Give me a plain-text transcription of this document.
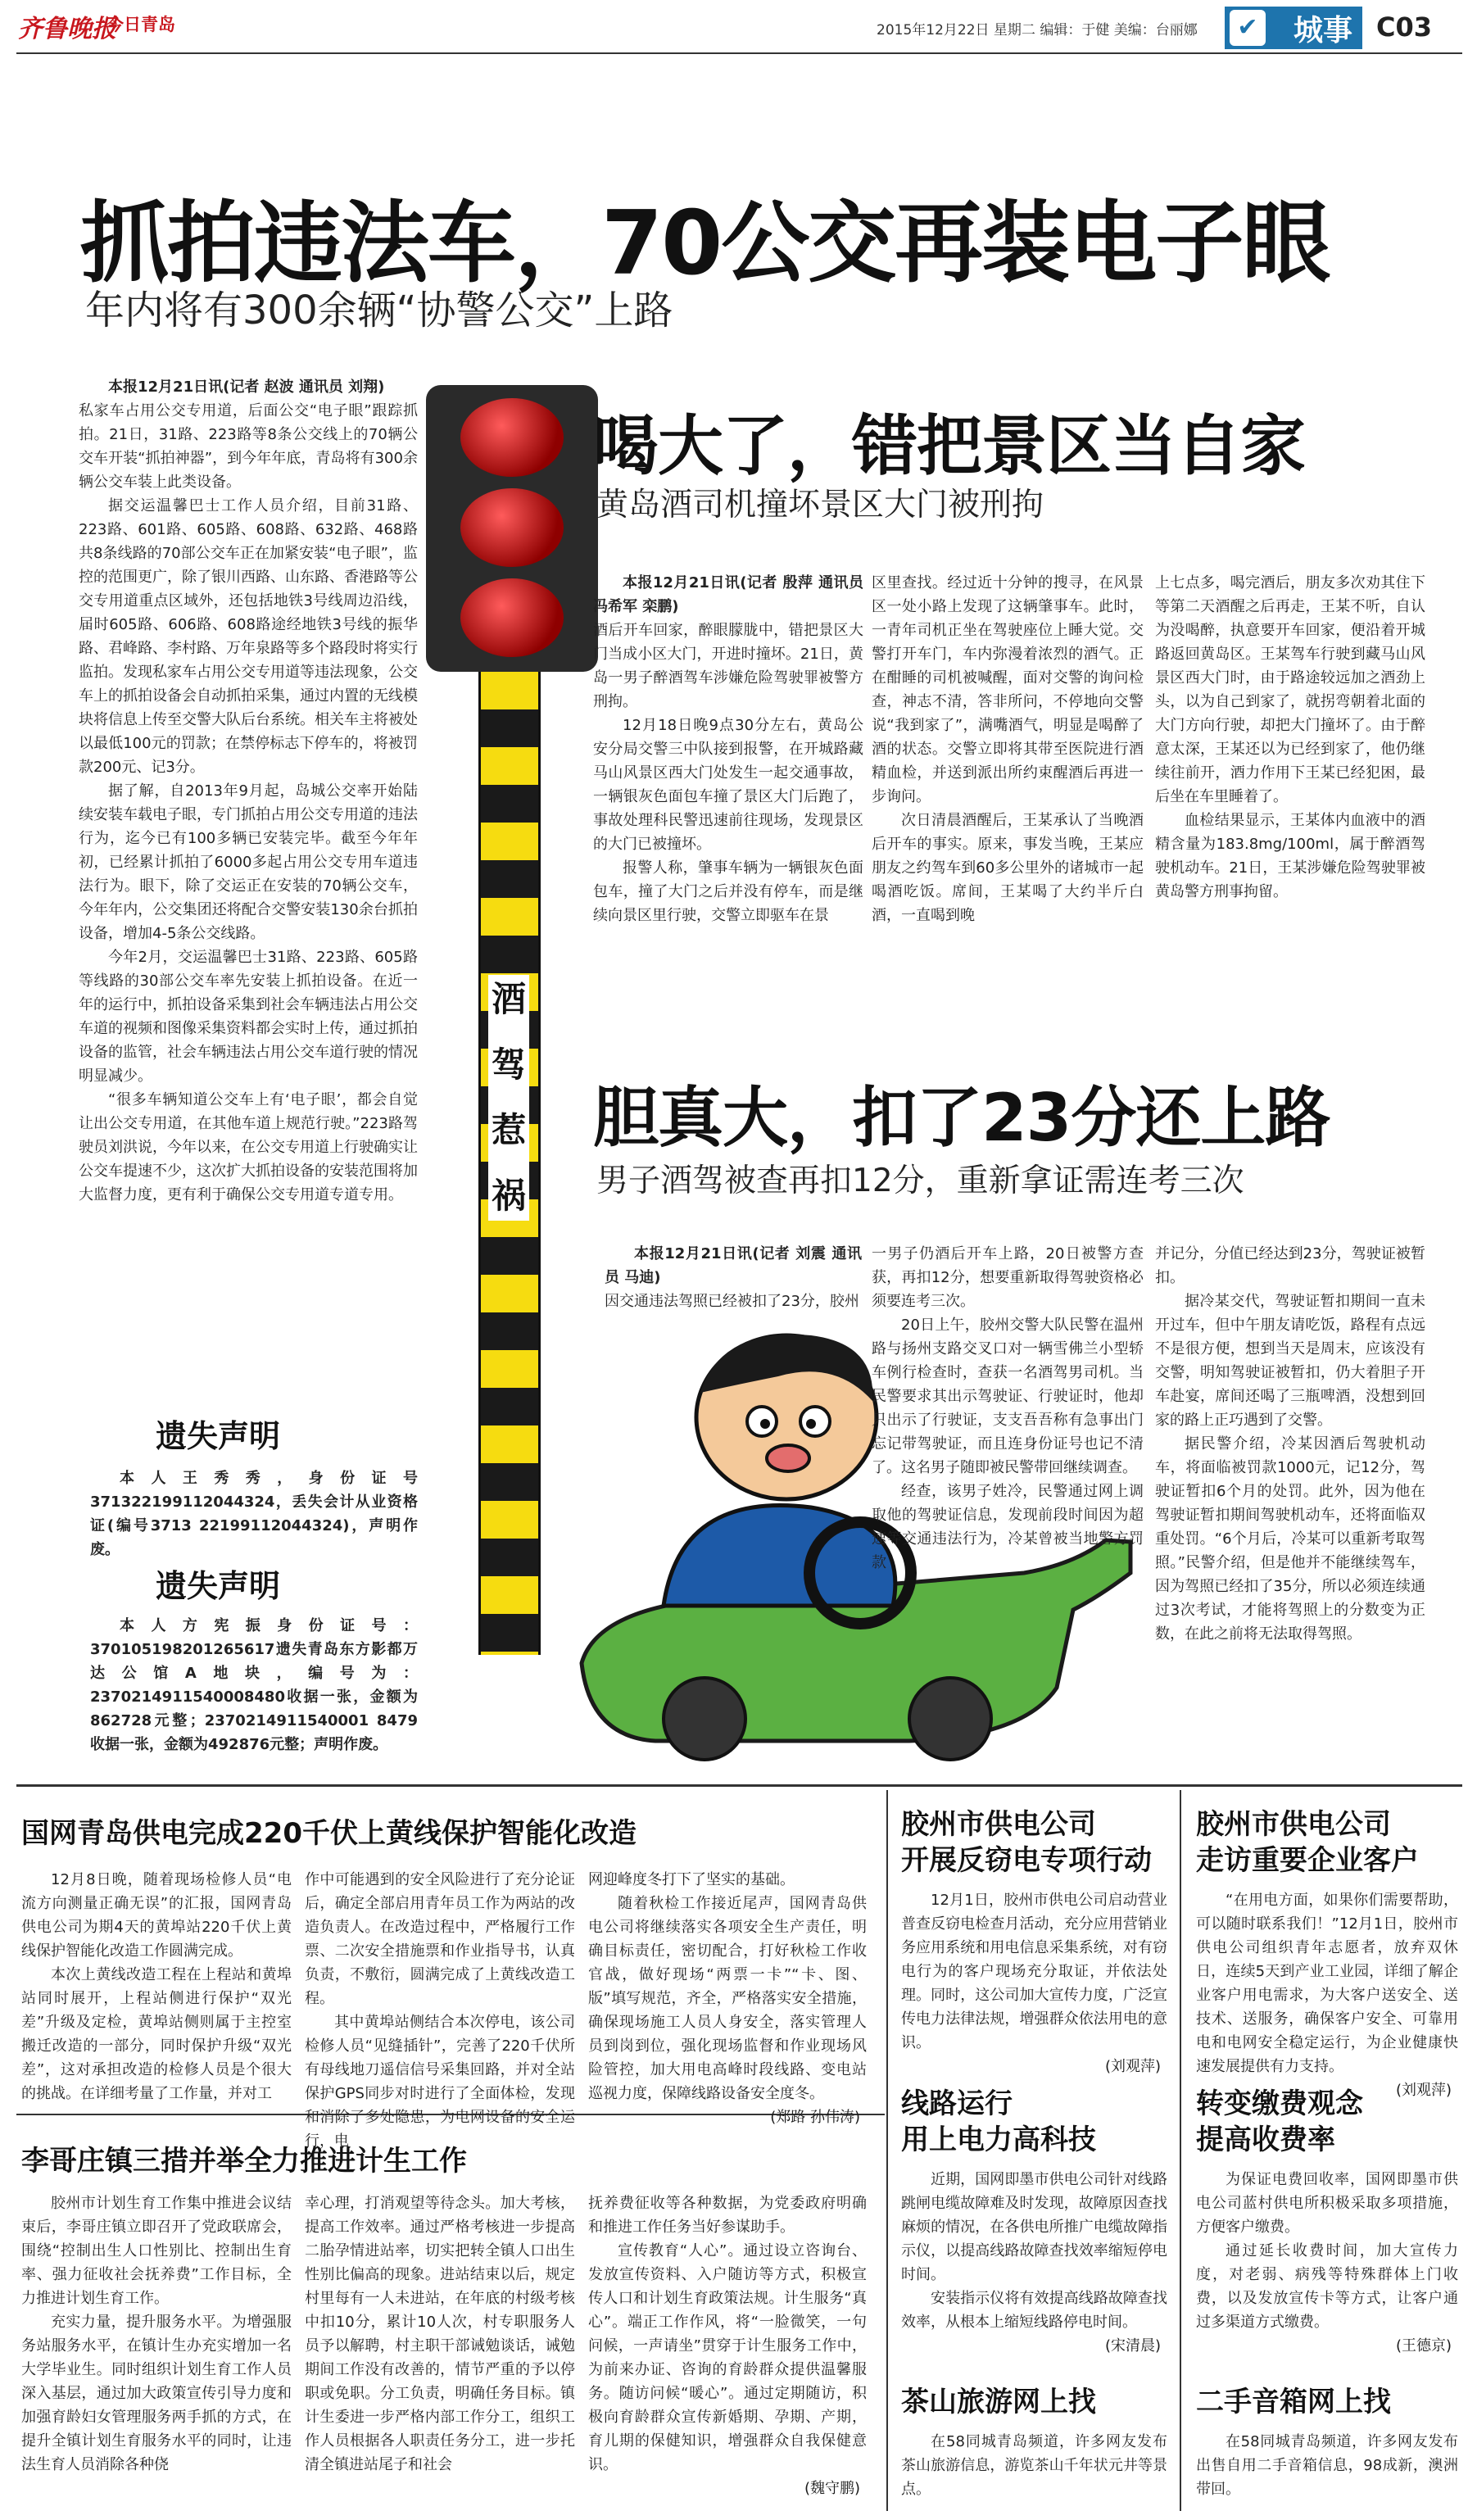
齐鲁晚报
今日青岛	2015年12月22日 星期二 编辑：于健 美编：台丽娜	✔ 城事 C03
抓拍违法车，70公交再装电子眼
年内将有300余辆“协警公交”上路

本报12月21日讯(记者 赵波 通讯员 刘翔)

私家车占用公交专用道，后面公交“电子眼”跟踪抓拍。21日，31路、223路等8条公交线上的70辆公交车开装“抓拍神器”，到今年年底，青岛将有300余辆公交车装上此类设备。

据交运温馨巴士工作人员介绍，目前31路、223路、601路、605路、608路、632路、468路共8条线路的70部公交车正在加紧安装“电子眼”，监控的范围更广，除了银川西路、山东路、香港路等公交专用道重点区域外，还包括地铁3号线周边沿线，届时605路、606路、608路途经地铁3号线的振华路、君峰路、李村路、万年泉路等多个路段时将实行监拍。发现私家车占用公交专用道等违法现象，公交车上的抓拍设备会自动抓拍采集，通过内置的无线模块将信息上传至交警大队后台系统。相关车主将被处以最低100元的罚款；在禁停标志下停车的，将被罚款200元、记3分。

据了解，自2013年9月起，岛城公交率开始陆续安装车载电子眼，专门抓拍占用公交专用道的违法行为，迄今已有100多辆已安装完毕。截至今年年初，已经累计抓拍了6000多起占用公交专用车道违法行为。眼下，除了交运正在安装的70辆公交车，今年年内，公交集团还将配合交警安装130余台抓拍设备，增加4-5条公交线路。

今年2月，交运温馨巴士31路、223路、605路等线路的30部公交车率先安装上抓拍设备。在近一年的运行中，抓拍设备采集到社会车辆违法占用公交车道的视频和图像采集资料都会实时上传，通过抓拍设备的监管，社会车辆违法占用公交车道行驶的情况明显减少。

“很多车辆知道公交车上有‘电子眼’，都会自觉让出公交专用道，在其他车道上规范行驶。”223路驾驶员刘洪说，今年以来，在公交专用道上行驶确实让公交车提速不少，这次扩大抓拍设备的安装范围将加大监督力度，更有利于确保公交专用道专道专用。

遗失声明

本人王秀秀，身份证号371322199112044324，丢失会计从业资格证(编号3713 22199112044324)，声明作废。

遗失声明

本人方宪振身份证号：370105198201265617遗失青岛东方影都万达公馆A地块，编号为：2370214911540008480收据一张，金额为862728元整；2370214911540001 8479收据一张，金额为492876元整；声明作废。

酒
驾
惹
祸
喝大了，错把景区当自家
黄岛酒司机撞坏景区大门被刑拘

本报12月21日讯(记者 殷萍 通讯员 冯希军 栾鹏)

酒后开车回家，醉眼朦胧中，错把景区大门当成小区大门，开进时撞坏。21日，黄岛一男子醉酒驾车涉嫌危险驾驶罪被警方刑拘。

12月18日晚9点30分左右，黄岛公安分局交警三中队接到报警，在开城路藏马山风景区西大门处发生一起交通事故，一辆银灰色面包车撞了景区大门后跑了，事故处理科民警迅速前往现场，发现景区的大门已被撞坏。

报警人称，肇事车辆为一辆银灰色面包车，撞了大门之后并没有停车，而是继续向景区里行驶，交警立即驱车在景

区里查找。经过近十分钟的搜寻，在风景区一处小路上发现了这辆肇事车。此时，一青年司机正坐在驾驶座位上睡大觉。交警打开车门，车内弥漫着浓烈的酒气。正在酣睡的司机被喊醒，面对交警的询问检查，神志不清，答非所问，不停地向交警说“我到家了”，满嘴酒气，明显是喝醉了酒的状态。交警立即将其带至医院进行酒精血检，并送到派出所约束醒酒后再进一步询问。

次日清晨酒醒后，王某承认了当晚酒后开车的事实。原来，事发当晚，王某应朋友之约驾车到60多公里外的诸城市一起喝酒吃饭。席间，王某喝了大约半斤白酒，一直喝到晚

上七点多，喝完酒后，朋友多次劝其住下等第二天酒醒之后再走，王某不听，自认为没喝醉，执意要开车回家，便沿着开城路返回黄岛区。王某驾车行驶到藏马山风景区西大门时，由于路途较远加之酒劲上头，以为自己到家了，就拐弯朝着北面的大门方向行驶，却把大门撞坏了。由于醉意太深，王某还以为已经到家了，他仍继续往前开，酒力作用下王某已经犯困，最后坐在车里睡着了。

血检结果显示，王某体内血液中的酒精含量为183.8mg/100ml，属于醉酒驾驶机动车。21日，王某涉嫌危险驾驶罪被黄岛警方刑事拘留。

胆真大，扣了23分还上路
男子酒驾被查再扣12分，重新拿证需连考三次

本报12月21日讯(记者 刘震 通讯员 马迪)

因交通违法驾照已经被扣了23分，胶州

一男子仍酒后开车上路，20日被警方查获，再扣12分，想要重新取得驾驶资格必须要连考三次。

20日上午，胶州交警大队民警在温州路与扬州支路交叉口对一辆雪佛兰小型轿车例行检查时，查获一名酒驾男司机。当民警要求其出示驾驶证、行驶证时，他却只出示了行驶证，支支吾吾称有急事出门忘记带驾驶证，而且连身份证号也记不清了。这名男子随即被民警带回继续调查。

经查，该男子姓冷，民警通过网上调取他的驾驶证信息，发现前段时间因为超速等交通违法行为，冷某曾被当地警方罚款

并记分，分值已经达到23分，驾驶证被暂扣。

据冷某交代，驾驶证暂扣期间一直未开过车，但中午朋友请吃饭，路程有点远不是很方便，想到当天是周末，应该没有交警，明知驾驶证被暂扣，仍大着胆子开车赴宴，席间还喝了三瓶啤酒，没想到回家的路上正巧遇到了交警。

据民警介绍，冷某因酒后驾驶机动车，将面临被罚款1000元，记12分，驾驶证暂扣6个月的处罚。此外，因为他在驾驶证暂扣期间驾驶机动车，还将面临双重处罚。“6个月后，冷某可以重新考取驾照。”民警介绍，但是他并不能继续驾车，因为驾照已经扣了35分，所以必须连续通过3次考试，才能将驾照上的分数变为正数，在此之前将无法取得驾照。

国网青岛供电完成220千伏上黄线保护智能化改造

12月8日晚，随着现场检修人员“电流方向测量正确无误”的汇报，国网青岛供电公司为期4天的黄埠站220千伏上黄线保护智能化改造工作圆满完成。

本次上黄线改造工程在上程站和黄埠站同时展开，上程站侧进行保护“双光差”升级及定检，黄埠站侧则属于主控室搬迁改造的一部分，同时保护升级“双光差”，这对承担改造的检修人员是个很大的挑战。在详细考量了工作量，并对工

作中可能遇到的安全风险进行了充分论证后，确定全部启用青年员工作为两站的改造负责人。在改造过程中，严格履行工作票、二次安全措施票和作业指导书，认真负责，不敷衍，圆满完成了上黄线改造工程。

其中黄埠站侧结合本次停电，该公司检修人员“见缝插针”，完善了220千伏所有母线地刀遥信信号采集回路，并对全站保护GPS同步对时进行了全面体检，发现和消除了多处隐患，为电网设备的安全运行，电

网迎峰度冬打下了坚实的基础。

随着秋检工作接近尾声，国网青岛供电公司将继续落实各项安全生产责任，明确目标责任，密切配合，打好秋检工作收官战，做好现场“两票一卡”“卡、图、版”填写规范，齐全，严格落实安全措施，确保现场施工人员人身安全，落实管理人员到岗到位，强化现场监督和作业现场风险管控，加大用电高峰时段线路、变电站巡视力度，保障线路设备安全度冬。

(郑路 孙伟涛)

李哥庄镇三措并举全力推进计生工作

胶州市计划生育工作集中推进会议结束后，李哥庄镇立即召开了党政联席会，围绕“控制出生人口性别比、控制出生育率、强力征收社会抚养费”工作目标，全力推进计划生育工作。

充实力量，提升服务水平。为增强服务站服务水平，在镇计生办充实增加一名大学毕业生。同时组织计划生育工作人员深入基层，通过加大政策宣传引导力度和加强育龄妇女管理服务两手抓的方式，在提升全镇计划生育服务水平的同时，让违法生育人员消除各种侥

幸心理，打消观望等待念头。加大考核，提高工作效率。通过严格考核进一步提高二胎孕情进站率，切实把转全镇人口出生性别比偏高的现象。进站结束以后，规定村里每有一人未进站，在年底的村级考核中扣10分，累计10人次，村专职服务人员予以解聘，村主职干部诫勉谈话，诫勉期间工作没有改善的，情节严重的予以停职或免职。分工负责，明确任务目标。镇计生委进一步严格内部工作分工，组织工作人员根据各人职责任务分工，进一步托清全镇进站尾子和社会

抚养费征收等各种数据，为党委政府明确和推进工作任务当好参谋助手。

宣传教育“人心”。通过设立咨询台、发放宣传资料、入户随访等方式，积极宣传人口和计划生育政策法规。计生服务“真心”。端正工作作风，将“一脸微笑，一句问候，一声请坐”贯穿于计生服务工作中，为前来办证、咨询的育龄群众提供温馨服务。随访问候“暖心”。通过定期随访，积极向育龄群众宣传新婚期、孕期、产期，育儿期的保健知识，增强群众自我保健意识。

(魏守鹏)

胶州市供电公司
开展反窃电专项行动

12月1日，胶州市供电公司启动营业普查反窃电检查月活动，充分应用营销业务应用系统和用电信息采集系统，对有窃电行为的客户现场充分取证，并依法处理。同时，这公司加大宣传力度，广泛宣传电力法律法规，增强群众依法用电的意识。

(刘观萍)

胶州市供电公司
走访重要企业客户

“在用电方面，如果你们需要帮助，可以随时联系我们！”12月1日，胶州市供电公司组织青年志愿者，放弃双休日，连续5天到产业工业园，详细了解企业客户用电需求，为大客户送安全、送技术、送服务，确保客户安全、可靠用电和电网安全稳定运行，为企业健康快速发展提供有力支持。

(刘观萍)

线路运行
用上电力高科技

近期，国网即墨市供电公司针对线路跳闸电缆故障难及时发现，故障原因查找麻烦的情况，在各供电所推广电缆故障指示仪，以提高线路故障查找效率缩短停电时间。

安装指示仪将有效提高线路故障查找效率，从根本上缩短线路停电时间。

(宋清晨)

转变缴费观念
提高收费率

为保证电费回收率，国网即墨市供电公司蓝村供电所积极采取多项措施，方便客户缴费。

通过延长收费时间，加大宣传力度，对老弱、病残等特殊群体上门收费，以及发放宣传卡等方式，让客户通过多渠道方式缴费。

(王德京)

茶山旅游网上找

在58同城青岛频道，许多网友发布茶山旅游信息，游览茶山千年状元井等景点。

二手音箱网上找

在58同城青岛频道，许多网友发布出售自用二手音箱信息，98成新，澳洲带回。
